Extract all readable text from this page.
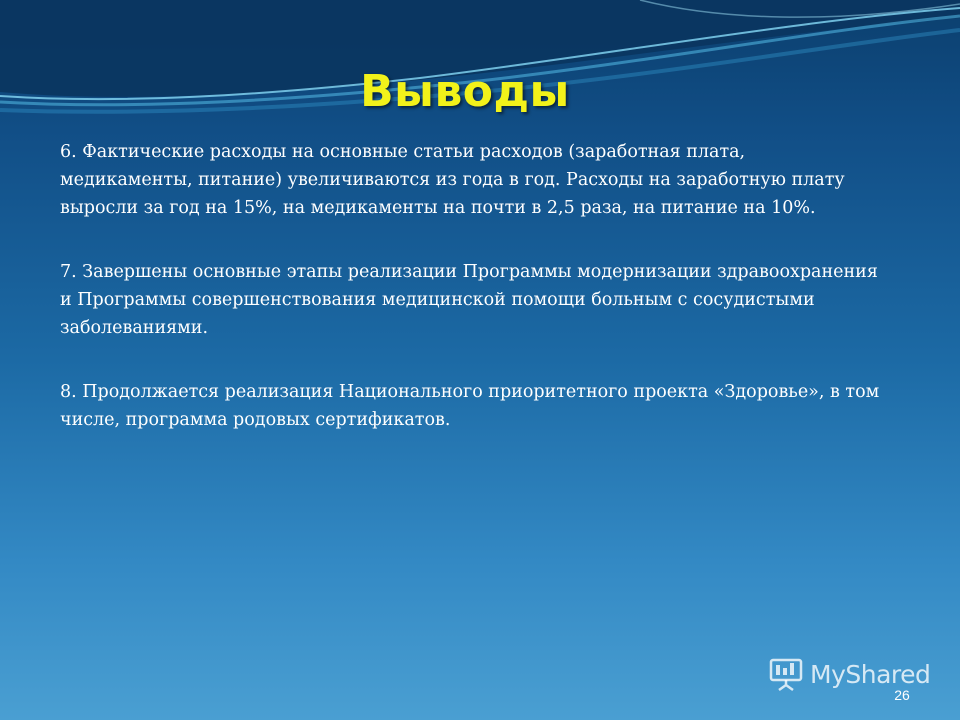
Выводы

6. Фактические расходы на основные статьи расходов (заработная плата, медикаменты, питание) увеличиваются из года в год. Расходы на заработную плату выросли за год на 15%, на медикаменты на почти в 2,5 раза, на питание на 10%.

7. Завершены основные этапы реализации Программы модернизации здравоохранения и Программы совершенствования медицинской помощи больным с сосудистыми заболеваниями.

8. Продолжается реализация Национального приоритетного проекта «Здоровье», в том числе, программа родовых сертификатов.

MyShared
26
